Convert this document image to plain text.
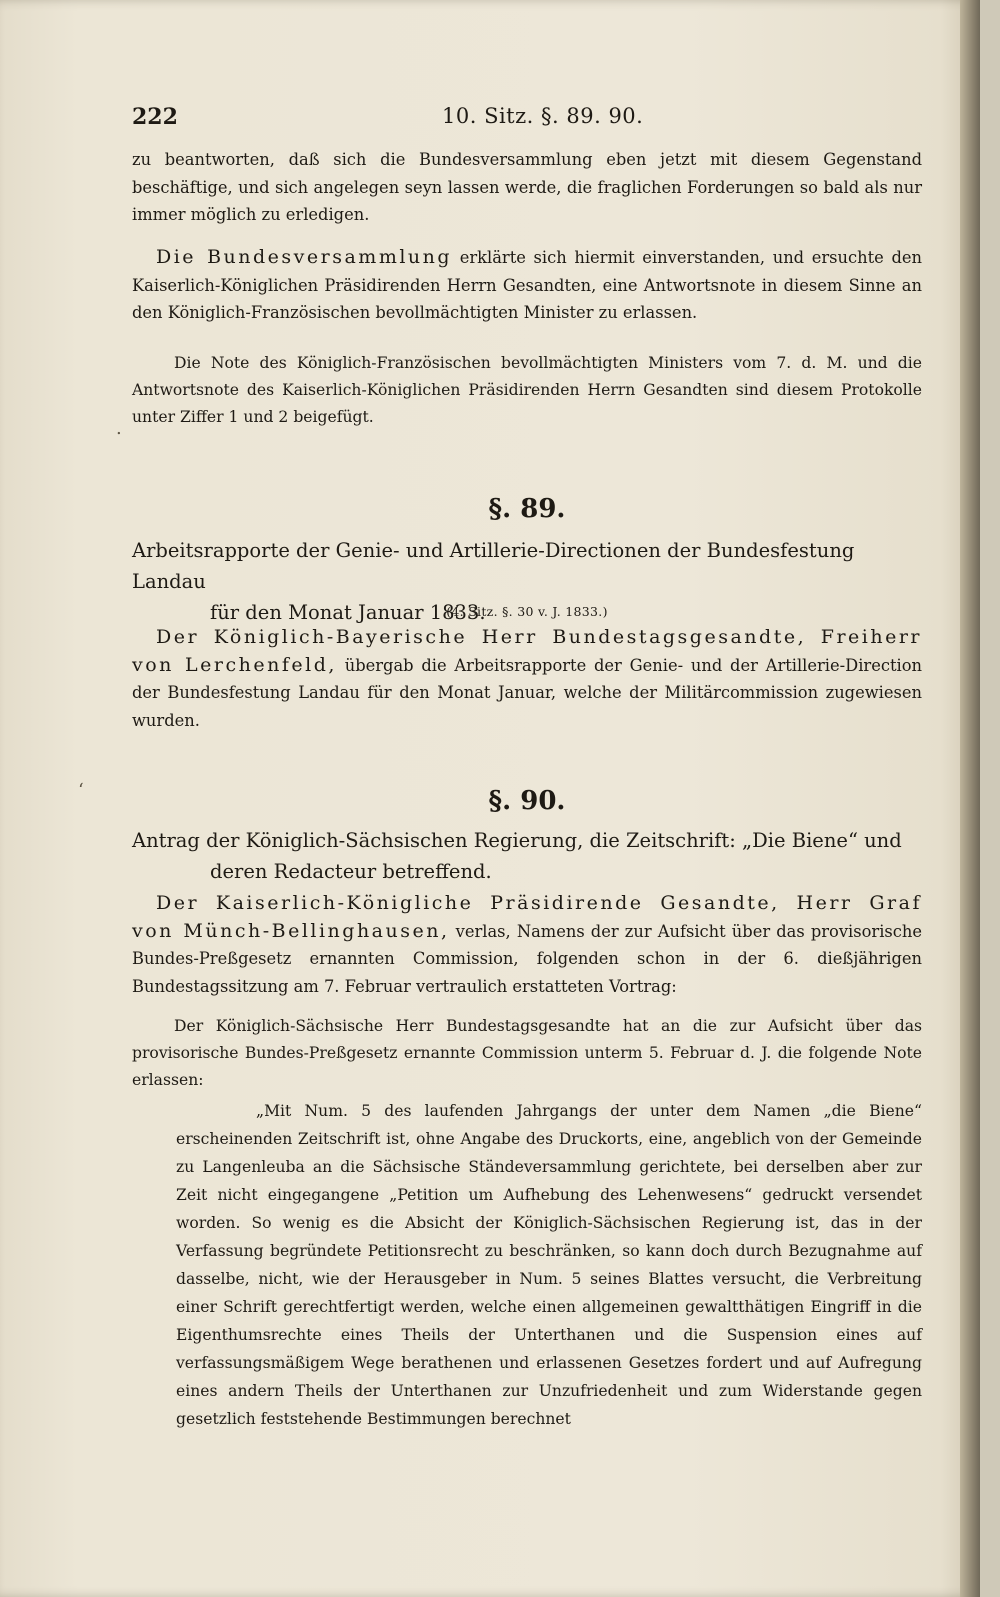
222	10. Sitz. §. 89. 90.
zu beantworten, daß sich die Bundesversammlung eben jetzt mit diesem Gegenstand beschäftige, und sich angelegen seyn lassen werde, die fraglichen Forderungen so bald als nur immer möglich zu erledigen.
Die Bundesversammlung erklärte sich hiermit einverstanden, und ersuchte den Kaiserlich-Königlichen Präsidirenden Herrn Gesandten, eine Antwortsnote in diesem Sinne an den Königlich-Französischen bevollmächtigten Minister zu erlassen.
Die Note des Königlich-Französischen bevollmächtigten Ministers vom 7. d. M. und die Antwortsnote des Kaiserlich-Königlichen Präsidirenden Herrn Gesandten sind diesem Protokolle unter Ziffer 1 und 2 beigefügt.
.
§. 89.
Arbeitsrapporte der Genie- und Artillerie-Directionen der Bundesfestung Landau
für den Monat Januar 1833.
(4. Sitz. §. 30 v. J. 1833.)
Der Königlich-Bayerische Herr Bundestagsgesandte, Freiherr von Lerchenfeld, übergab die Arbeitsrapporte der Genie- und der Artillerie-Direction der Bundesfestung Landau für den Monat Januar, welche der Militärcommission zugewiesen wurden.
ʻ	§. 90.
Antrag der Königlich-Sächsischen Regierung, die Zeitschrift: „Die Biene“ und
deren Redacteur betreffend.
Der Kaiserlich-Königliche Präsidirende Gesandte, Herr Graf von Münch-Bellinghausen, verlas, Namens der zur Aufsicht über das provisorische Bundes-Preßgesetz ernannten Commission, folgenden schon in der 6. dießjährigen Bundestagssitzung am 7. Februar vertraulich erstatteten Vortrag:
Der Königlich-Sächsische Herr Bundestagsgesandte hat an die zur Aufsicht über das provisorische Bundes-Preßgesetz ernannte Commission unterm 5. Februar d. J. die folgende Note erlassen:
„Mit Num. 5 des laufenden Jahrgangs der unter dem Namen „die Biene“ erscheinenden Zeitschrift ist, ohne Angabe des Druckorts, eine, angeblich von der Gemeinde zu Langenleuba an die Sächsische Ständeversammlung gerichtete, bei derselben aber zur Zeit nicht eingegangene „Petition um Aufhebung des Lehenwesens“ gedruckt versendet worden. So wenig es die Absicht der Königlich-Sächsischen Regierung ist, das in der Verfassung begründete Petitionsrecht zu beschränken, so kann doch durch Bezugnahme auf dasselbe, nicht, wie der Herausgeber in Num. 5 seines Blattes versucht, die Verbreitung einer Schrift gerechtfertigt werden, welche einen allgemeinen gewaltthätigen Eingriff in die Eigenthumsrechte eines Theils der Unterthanen und die Suspension eines auf verfassungsmäßigem Wege berathenen und erlassenen Gesetzes fordert und auf Aufregung eines andern Theils der Unterthanen zur Unzufriedenheit und zum Widerstande gegen gesetzlich feststehende Bestimmungen berechnet
